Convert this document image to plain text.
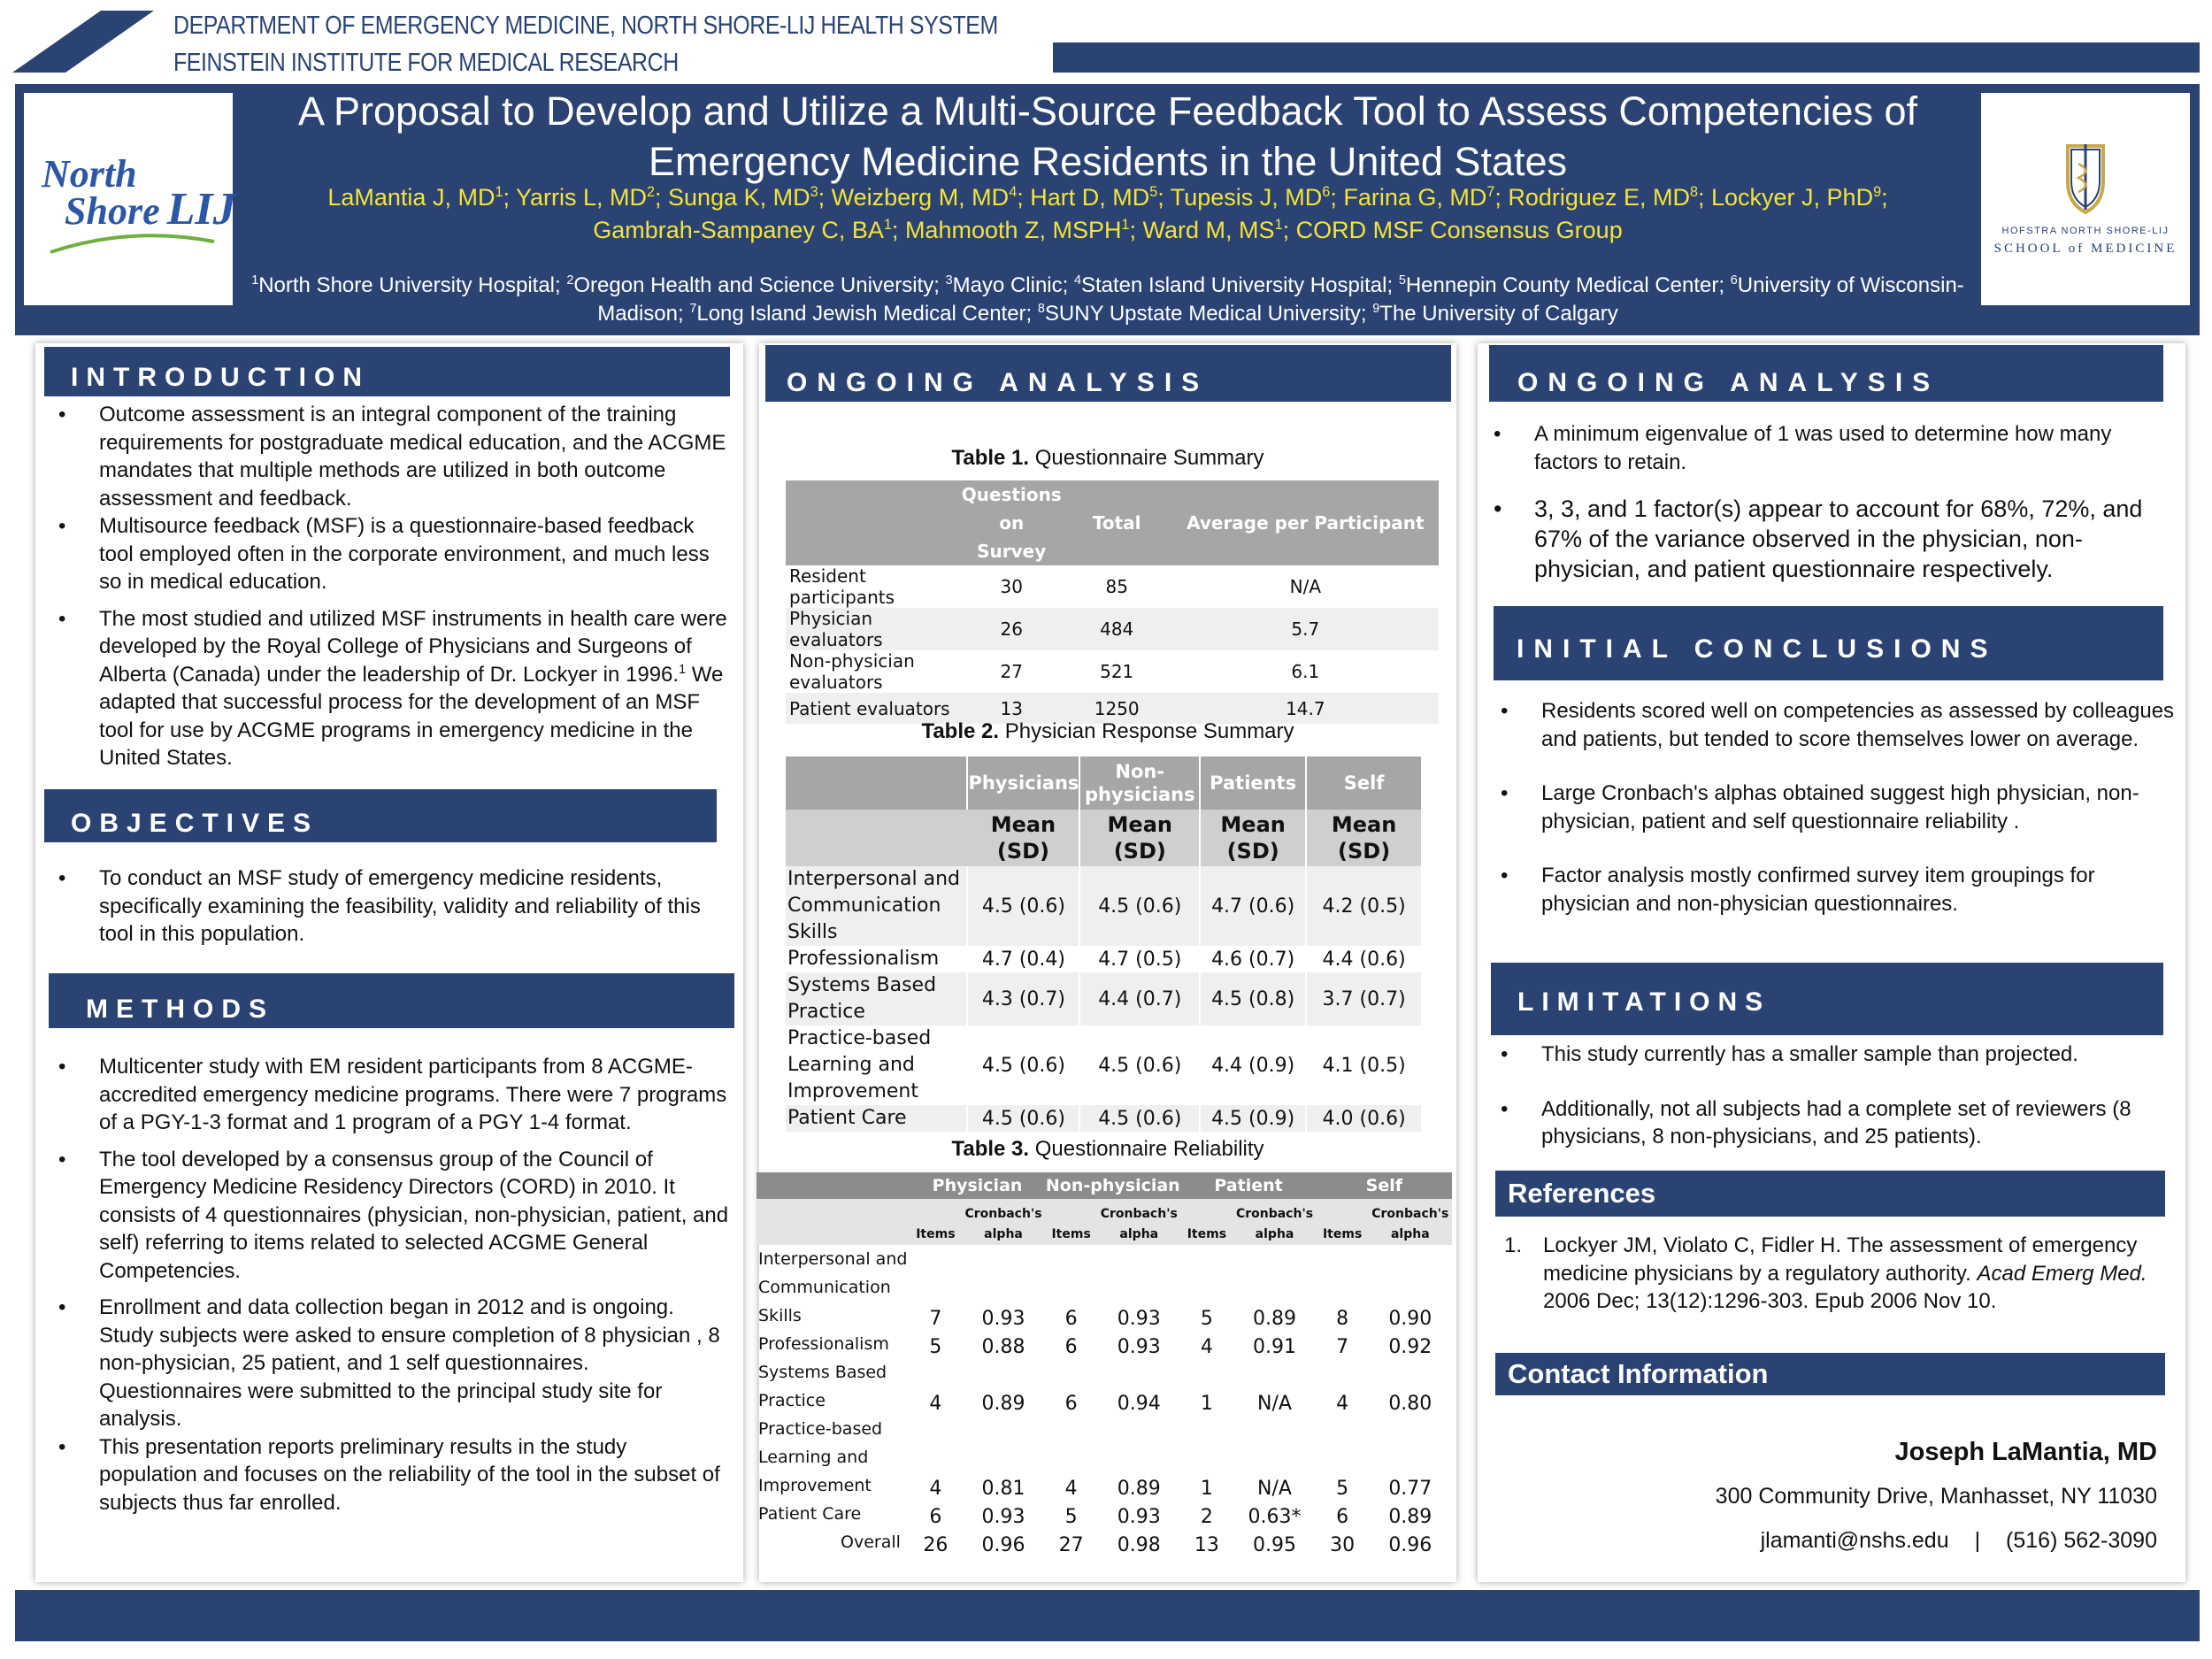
DEPARTMENT OF EMERGENCY MEDICINE, NORTH SHORE-LIJ HEALTH SYSTEM
FEINSTEIN INSTITUTE FOR MEDICAL RESEARCH
North
Shore LIJ
A Proposal to Develop and Utilize a Multi-Source Feedback Tool to Assess Competencies of
Emergency Medicine Residents in the United States
LaMantia J, $MD^1$; Yarris L, $MD^2$; Sunga K, $MD^3$; Weizberg M, $MD^4$; Hart D, $MD^5$; Tupesis J, $MD^6$; Farina G, $MD^7$; Rodriguez E, $MD^8$; Lockyer J, PhD$^9$;
Gambrah-Sampaney C, $BA^1$; Mahmooth Z, MSPH$^1$; Ward M, $MS^1$; CORD MSF Consensus Group
$^1$North Shore University Hospital; $^2$Oregon Health and Science University; $^3$Mayo Clinic; $^4$Staten Island University Hospital; $^5$Hennepin County Medical Center; $^6$University of Wisconsin-Madison; $^7$Long Island Jewish Medical Center; $^8$SUNY Upstate Medical University; $^9$The University of Calgary
HOFSTRA NORTH SHORE-LIJ
SCHOOL of MEDICINE
INTRODUCTION
• Outcome assessment is an integral component of the training requirements for postgraduate medical education, and the ACGME mandates that multiple methods are utilized in both outcome assessment and feedback.
• Multisource feedback (MSF) is a questionnaire-based feedback tool employed often in the corporate environment, and much less so in medical education.
• The most studied and utilized MSF instruments in health care were developed by the Royal College of Physicians and Surgeons of Alberta (Canada) under the leadership of Dr. Lockyer in 1996.$^1$ We adapted that successful process for the development of an MSF tool for use by ACGME programs in emergency medicine in the United States.
OBJECTIVES
• To conduct an MSF study of emergency medicine residents, specifically examining the feasibility, validity and reliability of this tool in this population.
METHODS
• Multicenter study with EM resident participants from 8 ACGME-accredited emergency medicine programs. There were 7 programs of a PGY-1-3 format and 1 program of a PGY 1-4 format.
• The tool developed by a consensus group of the Council of Emergency Medicine Residency Directors (CORD) in 2010. It consists of 4 questionnaires (physician, non-physician, patient, and self) referring to items related to selected ACGME General Competencies.
• Enrollment and data collection began in 2012 and is ongoing. Study subjects were asked to ensure completion of 8 physician , 8 non-physician, 25 patient, and 1 self questionnaires. Questionnaires were submitted to the principal study site for analysis.
• This presentation reports preliminary results in the study population and focuses on the reliability of the tool in the subset of subjects thus far enrolled.
ONGOING ANALYSIS
Table 1. Questionnaire Summary
	Questions on Survey	Total	Average per Participant
Resident participants	30	85	N/A
Physician evaluators	26	484	5.7
Non-physician evaluators	27	521	6.1
Patient evaluators	13	1250	14.7
Table 2. Physician Response Summary
	Physicians	Non-physicians	Patients	Self
	Mean (SD)	Mean (SD)	Mean (SD)	Mean (SD)
Interpersonal and Communication Skills	4.5 (0.6)	4.5 (0.6)	4.7 (0.6)	4.2 (0.5)
Professionalism	4.7 (0.4)	4.7 (0.5)	4.6 (0.7)	4.4 (0.6)
Systems Based Practice	4.3 (0.7)	4.4 (0.7)	4.5 (0.8)	3.7 (0.7)
Practice-based Learning and Improvement	4.5 (0.6)	4.5 (0.6)	4.4 (0.9)	4.1 (0.5)
Patient Care	4.5 (0.6)	4.5 (0.6)	4.5 (0.9)	4.0 (0.6)
Table 3. Questionnaire Reliability
	Physician		Non-physician		Patient		Self	
	Items	Cronbach's alpha	Items	Cronbach's alpha	Items	Cronbach's alpha	Items	Cronbach's alpha
Interpersonal and Communication Skills	7	0.93	6	0.93	5	0.89	8	0.90
Professionalism	5	0.88	6	0.93	4	0.91	7	0.92
Systems Based Practice	4	0.89	6	0.94	1	N/A	4	0.80
Practice-based Learning and Improvement	4	0.81	4	0.89	1	N/A	5	0.77
Patient Care	6	0.93	5	0.93	2	0.63*	6	0.89
Overall	26	0.96	27	0.98	13	0.95	30	0.96
ONGOING ANALYSIS
• A minimum eigenvalue of 1 was used to determine how many factors to retain.
• 3, 3, and 1 factor(s) appear to account for 68%, 72%, and 67% of the variance observed in the physician, non-physician, and patient questionnaire respectively.
INITIAL CONCLUSIONS
• Residents scored well on competencies as assessed by colleagues and patients, but tended to score themselves lower on average.
• Large Cronbach's alphas obtained suggest high physician, non-physician, patient and self questionnaire reliability .
• Factor analysis mostly confirmed survey item groupings for physician and non-physician questionnaires.
LIMITATIONS
• This study currently has a smaller sample than projected.
• Additionally, not all subjects had a complete set of reviewers (8 physicians, 8 non-physicians, and 25 patients).
References
1. Lockyer JM, Violato C, Fidler H. The assessment of emergency medicine physicians by a regulatory authority. Acad Emerg Med. 2006 Dec; 13(12):1296-303. Epub 2006 Nov 10.
Contact Information
Joseph LaMantia, MD
300 Community Drive, Manhasset, NY 11030
jlamanti@nshs.edu | (516) 562-3090
